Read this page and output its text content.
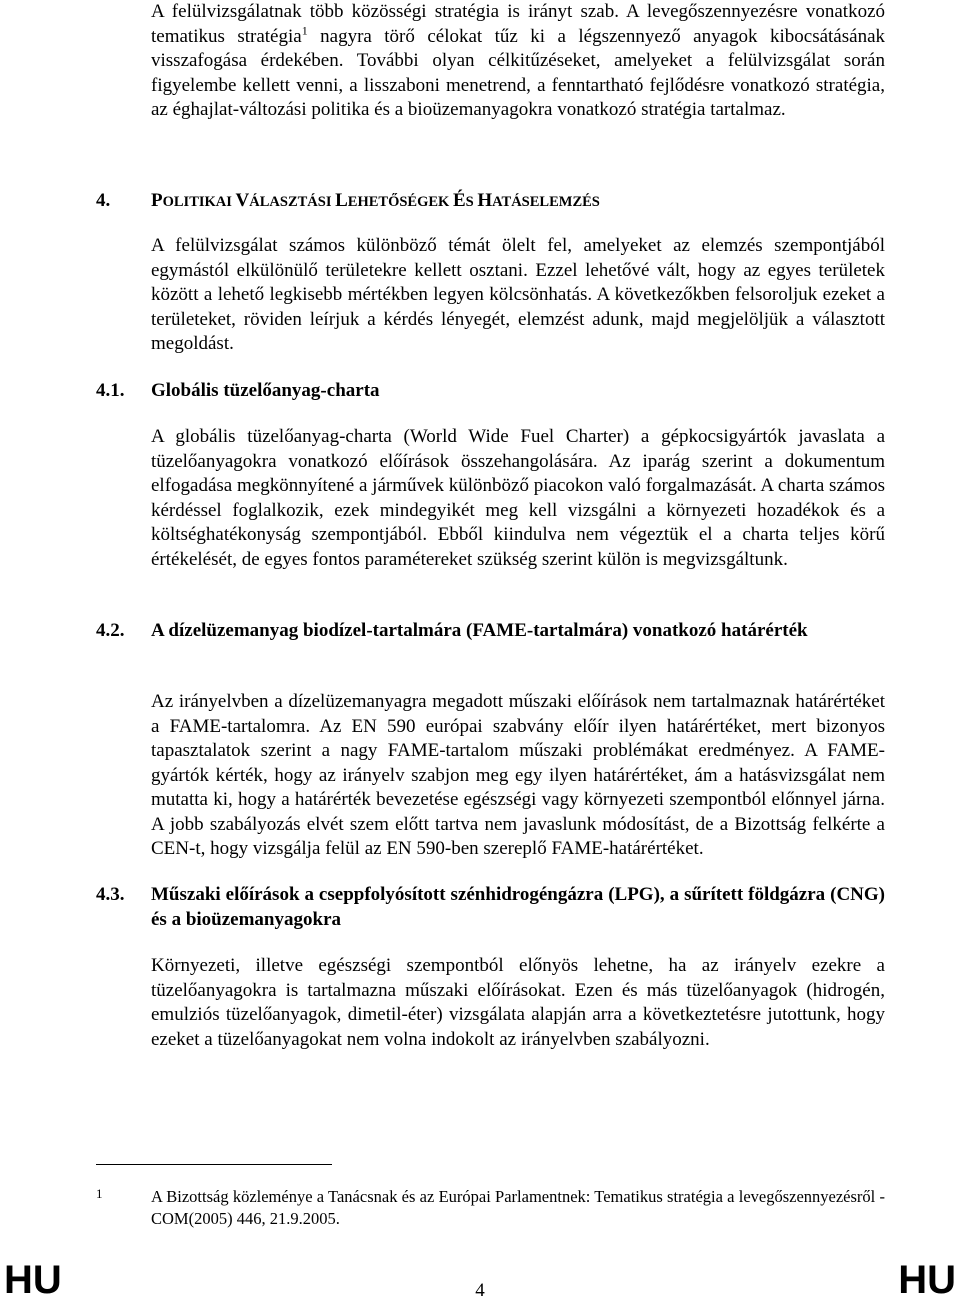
A felülvizsgálatnak több közösségi stratégia is irányt szab. A levegőszennyezésre vonatkozó tematikus stratégia$^1$ nagyra törő célokat tűz ki a légszennyező anyagok kibocsátásának visszafogása érdekében. További olyan célkitűzéseket, amelyeket a felülvizsgálat során figyelembe kellett venni, a lisszaboni menetrend, a fenntartható fejlődésre vonatkozó stratégia, az éghajlat-változási politika és a bioüzemanyagokra vonatkozó stratégia tartalmaz.

4. POLITIKAI VÁLASZTÁSI LEHETŐSÉGEK ÉS HATÁSELEMZÉS

A felülvizsgálat számos különböző témát ölelt fel, amelyeket az elemzés szempontjából egymástól elkülönülő területekre kellett osztani. Ezzel lehetővé vált, hogy az egyes területek között a lehető legkisebb mértékben legyen kölcsönhatás. A következőkben felsoroljuk ezeket a területeket, röviden leírjuk a kérdés lényegét, elemzést adunk, majd megjelöljük a választott megoldást.

4.1. Globális tüzelőanyag-charta

A globális tüzelőanyag-charta (World Wide Fuel Charter) a gépkocsigyártók javaslata a tüzelőanyagokra vonatkozó előírások összehangolására. Az iparág szerint a dokumentum elfogadása megkönnyítené a járművek különböző piacokon való forgalmazását. A charta számos kérdéssel foglalkozik, ezek mindegyikét meg kell vizsgálni a környezeti hozadékok és a költséghatékonyság szempontjából. Ebből kiindulva nem végeztük el a charta teljes körű értékelését, de egyes fontos paramétereket szükség szerint külön is megvizsgáltunk.

4.2. A dízelüzemanyag biodízel-tartalmára (FAME-tartalmára) vonatkozó határérték

Az irányelvben a dízelüzemanyagra megadott műszaki előírások nem tartalmaznak határértéket a FAME-tartalomra. Az EN 590 európai szabvány előír ilyen határértéket, mert bizonyos tapasztalatok szerint a nagy FAME-tartalom műszaki problémákat eredményez. A FAME-gyártók kérték, hogy az irányelv szabjon meg egy ilyen határértéket, ám a hatásvizsgálat nem mutatta ki, hogy a határérték bevezetése egészségi vagy környezeti szempontból előnnyel járna. A jobb szabályozás elvét szem előtt tartva nem javaslunk módosítást, de a Bizottság felkérte a CEN-t, hogy vizsgálja felül az EN 590-ben szereplő FAME-határértéket.

4.3. Műszaki előírások a cseppfolyósított szénhidrogéngázra (LPG), a sűrített földgázra (CNG) és a bioüzemanyagokra

Környezeti, illetve egészségi szempontból előnyös lehetne, ha az irányelv ezekre a tüzelőanyagokra is tartalmazna műszaki előírásokat. Ezen és más tüzelőanyagok (hidrogén, emulziós tüzelőanyagok, dimetil-éter) vizsgálata alapján arra a következtetésre jutottunk, hogy ezeket a tüzelőanyagokat nem volna indokolt az irányelvben szabályozni.

1	A Bizottság közleménye a Tanácsnak és az Európai Parlamentnek: Tematikus stratégia a levegőszennyezésről - COM(2005) 446, 21.9.2005.

HU	4	HU
